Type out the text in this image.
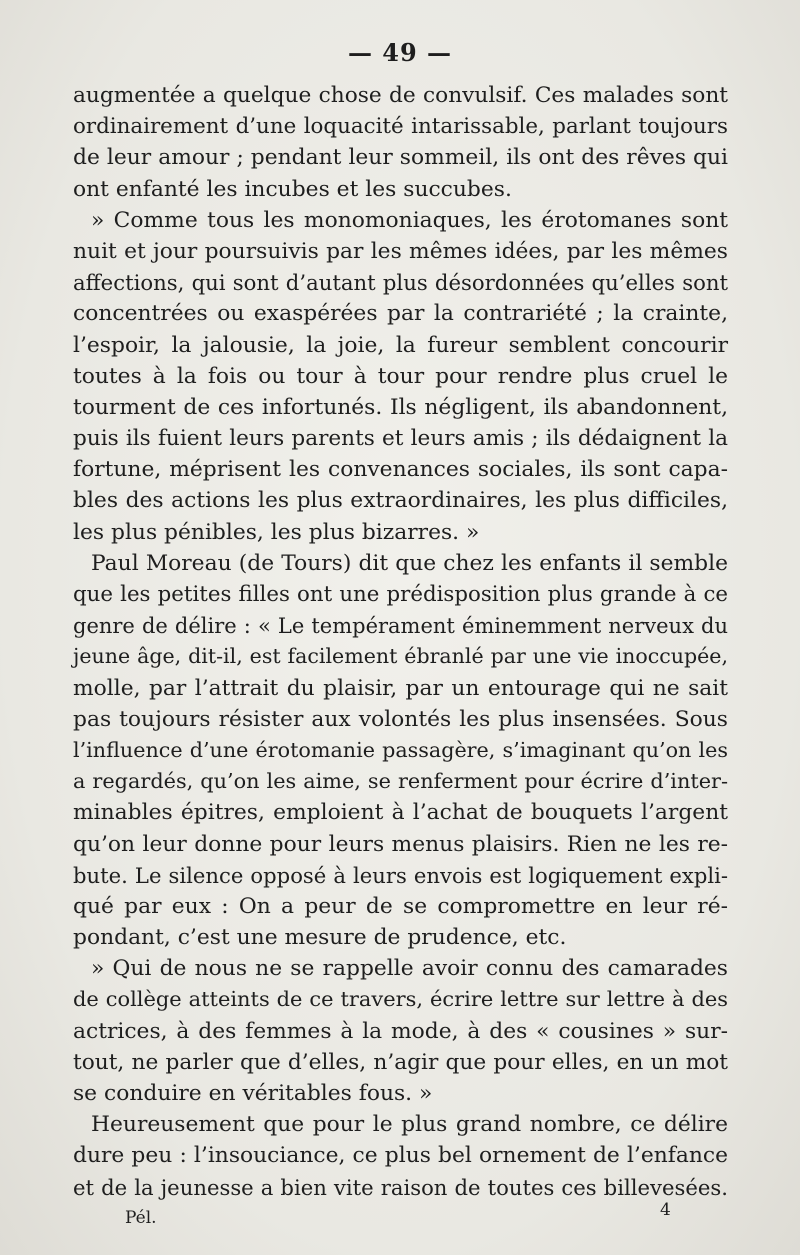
— 49 —
augmentée a quelque chose de convulsif. Ces malades sont
ordinairement d’une loquacité intarissable, parlant toujours
de leur amour ; pendant leur sommeil, ils ont des rêves qui
ont enfanté les incubes et les succubes.
» Comme tous les monomoniaques, les érotomanes sont
nuit et jour poursuivis par les mêmes idées, par les mêmes
affections, qui sont d’autant plus désordonnées qu’elles sont
concentrées ou exaspérées par la contrariété ; la crainte,
l’espoir, la jalousie, la joie, la fureur semblent concourir
toutes à la fois ou tour à tour pour rendre plus cruel le
tourment de ces infortunés. Ils négligent, ils abandonnent,
puis ils fuient leurs parents et leurs amis ; ils dédaignent la
fortune, méprisent les convenances sociales, ils sont capa-
bles des actions les plus extraordinaires, les plus difficiles,
les plus pénibles, les plus bizarres. »
Paul Moreau (de Tours) dit que chez les enfants il semble
que les petites filles ont une prédisposition plus grande à ce
genre de délire : « Le tempérament éminemment nerveux du
jeune âge, dit-il, est facilement ébranlé par une vie inoccupée,
molle, par l’attrait du plaisir, par un entourage qui ne sait
pas toujours résister aux volontés les plus insensées. Sous
l’influence d’une érotomanie passagère, s’imaginant qu’on les
a regardés, qu’on les aime, se renferment pour écrire d’inter-
minables épitres, emploient à l’achat de bouquets l’argent
qu’on leur donne pour leurs menus plaisirs. Rien ne les re-
bute. Le silence opposé à leurs envois est logiquement expli-
qué par eux : On a peur de se compromettre en leur ré-
pondant, c’est une mesure de prudence, etc.
» Qui de nous ne se rappelle avoir connu des camarades
de collège atteints de ce travers, écrire lettre sur lettre à des
actrices, à des femmes à la mode, à des « cousines » sur-
tout, ne parler que d’elles, n’agir que pour elles, en un mot
se conduire en véritables fous. »
Heureusement que pour le plus grand nombre, ce délire
dure peu : l’insouciance, ce plus bel ornement de l’enfance
et de la jeunesse a bien vite raison de toutes ces billevesées.
Pél.	4
